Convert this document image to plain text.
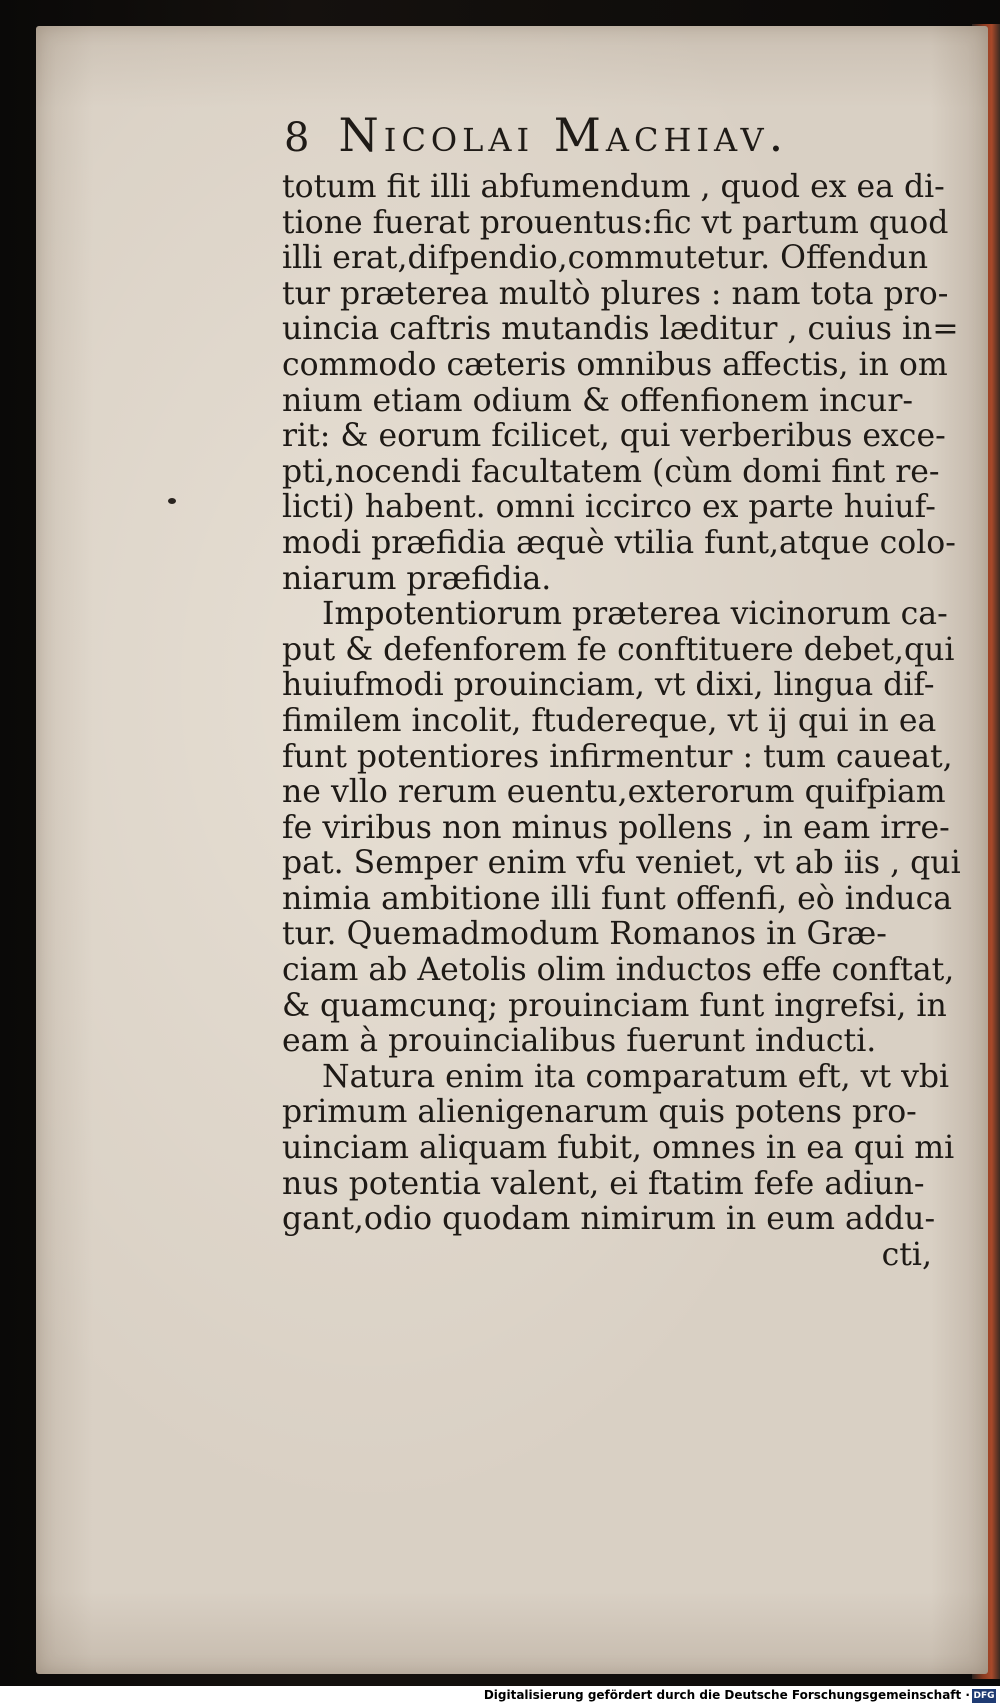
8 Nicolai Machiav.
totum fit illi abfumendum , quod ex ea di-
tione fuerat prouentus:fic vt partum quod
illi erat,difpendio,commutetur. Offendun
tur præterea multò plures : nam tota pro-
uincia caftris mutandis læditur , cuius in=
commodo cæteris omnibus affectis, in om
nium etiam odium & offenfionem incur-
rit: & eorum fcilicet, qui verberibus exce-
pti,nocendi facultatem (cùm domi fint re-
licti) habent. omni iccirco ex parte huiuf-
modi præfidia æquè vtilia funt,atque colo-
niarum præfidia.
Impotentiorum præterea vicinorum ca-
put & defenforem fe conftituere debet,qui
huiufmodi prouinciam, vt dixi, lingua dif-
fimilem incolit, ftudereque, vt ij qui in ea
funt potentiores infirmentur : tum caueat,
ne vllo rerum euentu,exterorum quifpiam
fe viribus non minus pollens , in eam irre-
pat. Semper enim vfu veniet, vt ab iis , qui
nimia ambitione illi funt offenfi, eò induca
tur. Quemadmodum Romanos in Græ-
ciam ab Aetolis olim inductos effe conftat,
& quamcunq; prouinciam funt ingrefsi, in
eam à prouincialibus fuerunt inducti.
Natura enim ita comparatum eft, vt vbi
primum alienigenarum quis potens pro-
uinciam aliquam fubit, omnes in ea qui mi
nus potentia valent, ei ftatim fefe adiun-
gant,odio quodam nimirum in eum addu-
cti,
Digitalisierung gefördert durch die Deutsche Forschungsgemeinschaft · DFG
